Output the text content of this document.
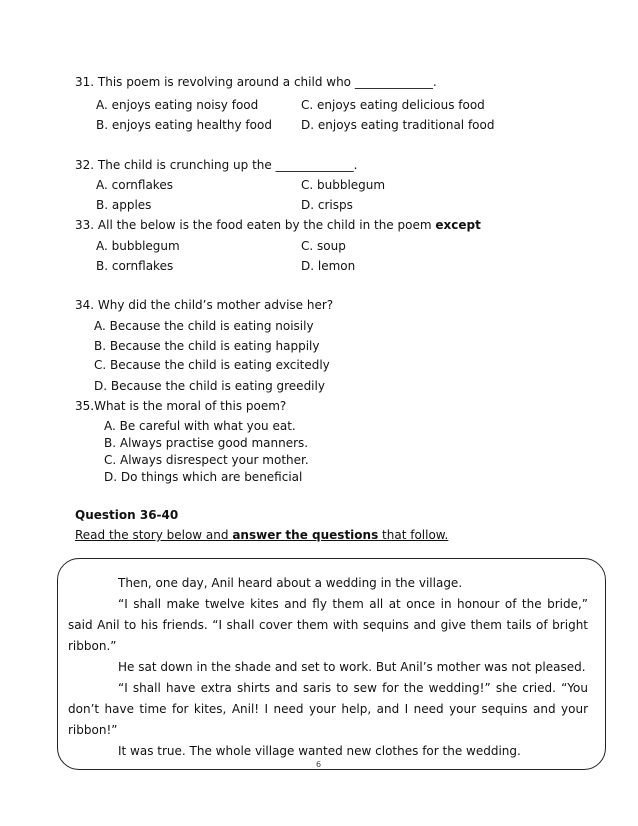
31. This poem is revolving around a child who _____________.
A. enjoys eating noisy food	C. enjoys eating delicious food
B. enjoys eating healthy food D. enjoys eating traditional food
32. The child is crunching up the _____________.
A. cornflakes	C. bubblegum
B. apples	D. crisps
33. All the below is the food eaten by the child in the poem except
A. bubblegum	C. soup
B. cornflakes	D. lemon
34. Why did the child’s mother advise her?
A. Because the child is eating noisily
B. Because the child is eating happily
C. Because the child is eating excitedly
D. Because the child is eating greedily
35.What is the moral of this poem?
A. Be careful with what you eat.
B. Always practise good manners.
C. Always disrespect your mother.
D. Do things which are beneficial
Question 36-40
Read the story below and answer the questions that follow.

Then, one day, Anil heard about a wedding in the village.

“I shall make twelve kites and fly them all at once in honour of the bride,” said Anil to his friends. “I shall cover them with sequins and give them tails of bright ribbon.”

He sat down in the shade and set to work. But Anil’s mother was not pleased.

“I shall have extra shirts and saris to sew for the wedding!” she cried. “You don’t have time for kites, Anil! I need your help, and I need your sequins and your ribbon!”

It was true. The whole village wanted new clothes for the wedding.

6
